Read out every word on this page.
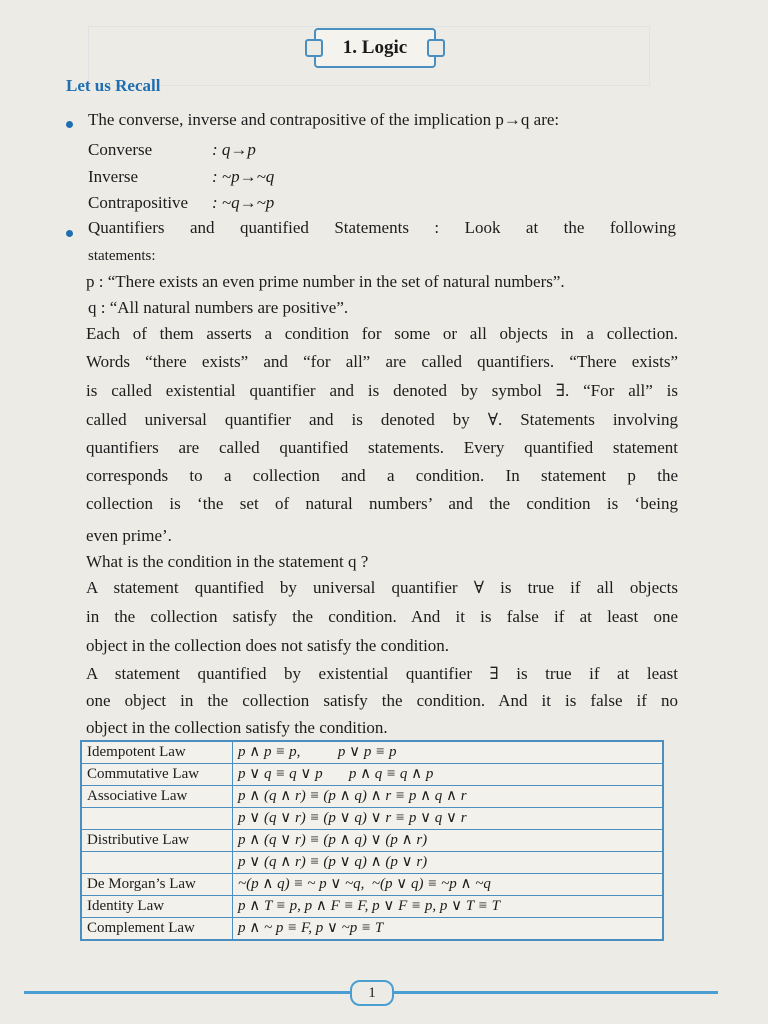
1. Logic
Let us Recall
The converse, inverse and contrapositive of the implication p→q are:
Converse	: q→p
Inverse	: ~p→~q
Contrapositive : ~q→~p
Quantifiers and quantified Statements : Look at the following
statements:
p : “There exists an even prime number in the set of natural numbers”.
q : “All natural numbers are positive”.
Each of them asserts a condition for some or all objects in a collection.
Words “there exists” and “for all” are called quantifiers. “There exists”
is called existential quantifier and is denoted by symbol ∃. “For all” is
called universal quantifier and is denoted by ∀. Statements involving
quantifiers are called quantified statements. Every quantified statement
corresponds to a collection and a condition. In statement p the
collection is ‘the set of natural numbers’ and the condition is ‘being
even prime’.
What is the condition in the statement q ?
A statement quantified by universal quantifier ∀ is true if all objects
in the collection satisfy the condition. And it is false if at least one
object in the collection does not satisfy the condition.
A statement quantified by existential quantifier ∃ is true if at least
one object in the collection satisfy the condition. And it is false if no
object in the collection satisfy the condition.
Idempotent Law	p ∧ p ≡ p,          p ∨ p ≡ p
Commutative Law	p ∨ q ≡ q ∨ p       p ∧ q ≡ q ∧ p
Associative Law	p ∧ (q ∧ r) ≡ (p ∧ q) ∧ r ≡ p ∧ q ∧ r
	p ∨ (q ∨ r) ≡ (p ∨ q) ∨ r ≡ p ∨ q ∨ r
Distributive Law	p ∧ (q ∨ r) ≡ (p ∧ q) ∨ (p ∧ r)
	p ∨ (q ∧ r) ≡ (p ∨ q) ∧ (p ∨ r)
De Morgan’s Law	~(p ∧ q) ≡ ~ p ∨ ~q,  ~(p ∨ q) ≡ ~p ∧ ~q
Identity Law	p ∧ T ≡ p, p ∧ F ≡ F, p ∨ F ≡ p, p ∨ T ≡ T
Complement Law	p ∧ ~ p ≡ F, p ∨ ~p ≡ T
1
